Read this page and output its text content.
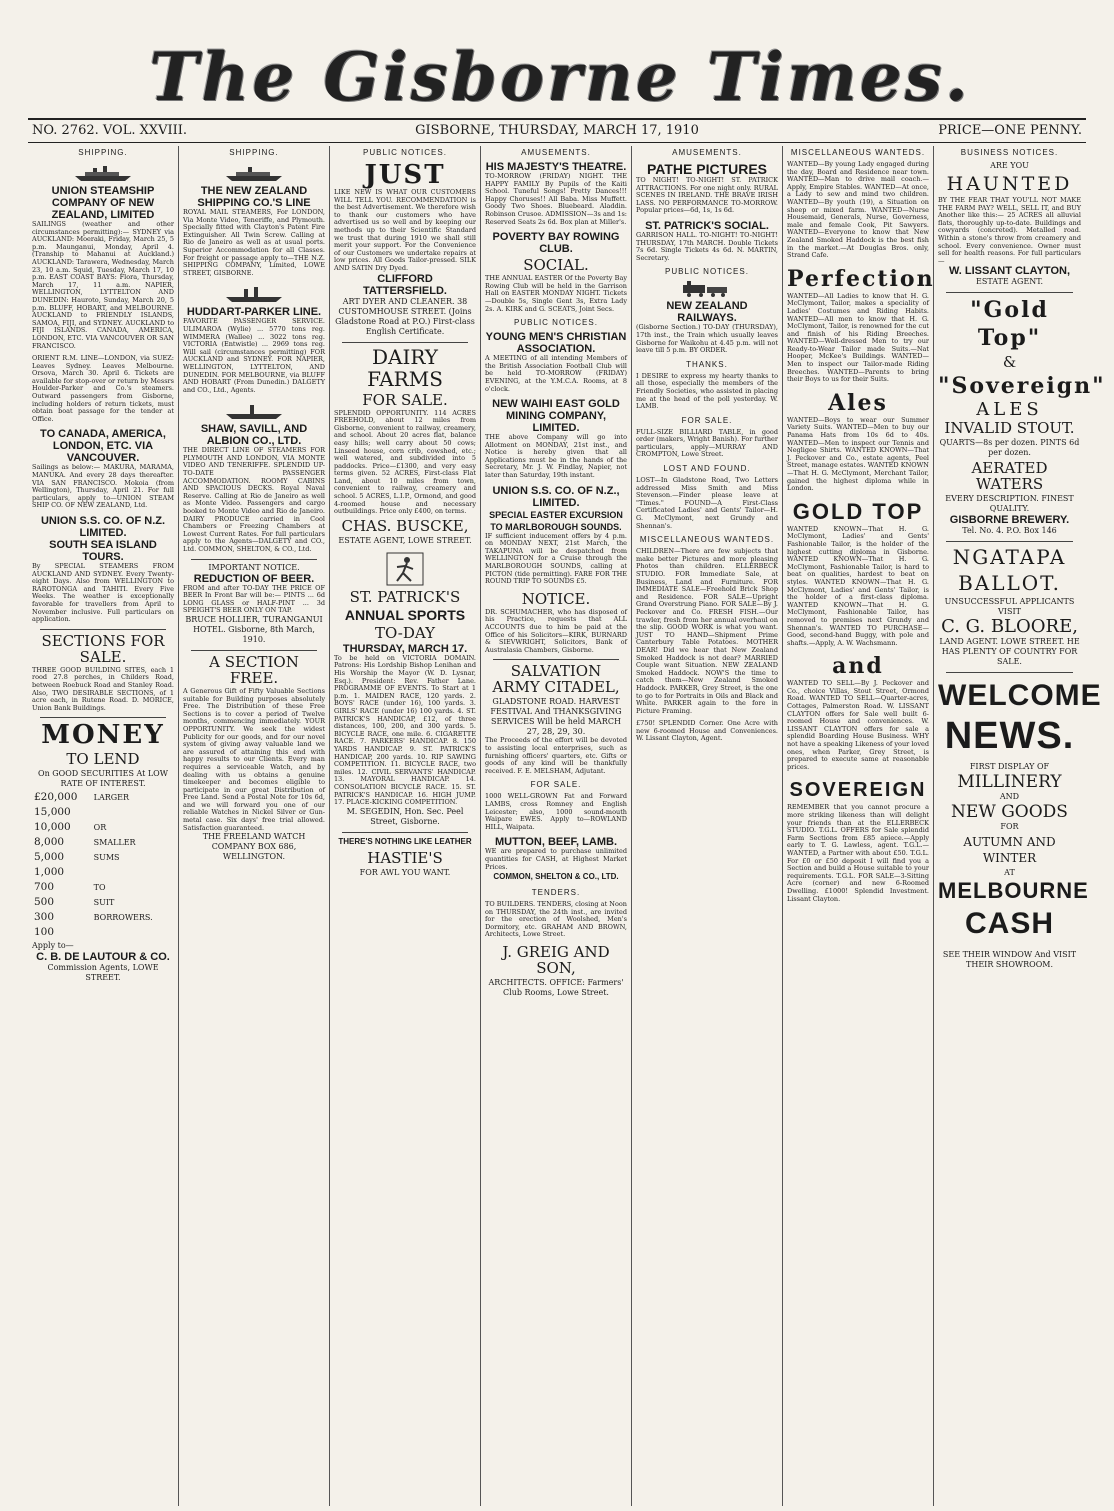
The Gisborne Times.
GISBORNE, THURSDAY, MARCH 17, 1910
NO. 2762. VOL. XXVIII.	PRICE—ONE PENNY.
SHIPPING.
UNION STEAMSHIP COMPANY OF NEW ZEALAND, LIMITED
SAILINGS (weather and other circumstances permitting):— SYDNEY via AUCKLAND: Moeraki, Friday, March 25, 5 p.m. Maunganui, Monday, April 4. (Tranship to Mahanui at Auckland.) AUCKLAND: Tarawera, Wednesday, March 23, 10 a.m. Squid, Tuesday, March 17, 10 p.m. EAST COAST BAYS: Flora, Thursday, March 17, 11 a.m. NAPIER, WELLINGTON, LYTTELTON AND DUNEDIN: Hauroto, Sunday, March 20, 5 p.m. BLUFF, HOBART, and MELBOURNE. AUCKLAND to FRIENDLY ISLANDS, SAMOA, FIJI, and SYDNEY. AUCKLAND to FIJI ISLANDS. CANADA, AMERICA, LONDON, ETC. VIA VANCOUVER OR SAN FRANCISCO.
ORIENT R.M. LINE—LONDON, via SUEZ: Leaves Sydney. Leaves Melbourne. Orsova, March 30. April 6. Tickets are available for stop-over or return by Messrs Houlder-Parker and Co.'s steamers. Outward passengers from Gisborne, including holders of return tickets, must obtain boat passage for the tender at Office.
TO CANADA, AMERICA, LONDON, ETC. VIA VANCOUVER.
Sailings as below:— MAKURA, MARAMA, MANUKA. And every 28 days thereafter. VIA SAN FRANCISCO. Mokoia (from Wellington), Thursday, April 21. For full particulars, apply to—UNION STEAM SHIP CO. OF NEW ZEALAND, Ltd.
UNION S.S. CO. OF N.Z. LIMITED.
SOUTH SEA ISLAND TOURS.
By SPECIAL STEAMERS FROM AUCKLAND AND SYDNEY. Every Twenty-eight Days. Also from WELLINGTON to RAROTONGA and TAHITI. Every Five Weeks. The weather is exceptionally favorable for travellers from April to November inclusive. Full particulars on application.
SECTIONS FOR SALE.
THREE GOOD BUILDING SITES, each 1 rood 27.8 perches, in Childers Road, between Roebuck Road and Stanley Road. Also, TWO DESIRABLE SECTIONS, of 1 acre each, in Rutene Road. D. MORICE, Union Bank Buildings.
MONEY
TO LEND
On GOOD SECURITIES At LOW RATE OF INTEREST.
£20,000	LARGER
15,000	
10,000	OR
8,000	SMALLER
5,000	SUMS
1,000	
700	TO
500	SUIT
300	BORROWERS.
100	
Apply to—
C. B. DE LAUTOUR & CO.
Commission Agents, LOWE STREET.
SHIPPING.
THE NEW ZEALAND SHIPPING CO.'S LINE
ROYAL MAIL STEAMERS, For LONDON, Via Monte Video, Teneriffe, and Plymouth. Specially fitted with Clayton's Patent Fire Extinguisher. All Twin Screw. Calling at Rio de Janeiro as well as at usual ports. Superior Accommodation for all Classes. For freight or passage apply to—THE N.Z. SHIPPING COMPANY, Limited, LOWE STREET, GISBORNE.
HUDDART-PARKER LINE.
FAVORITE PASSENGER SERVICE. ULIMAROA (Wylie) ... 5770 tons reg. WIMMERA (Wallee) ... 3022 tons reg. VICTORIA (Entwistle) ... 2969 tons reg. Will sail (circumstances permitting) FOR AUCKLAND and SYDNEY. FOR NAPIER, WELLINGTON, LYTTELTON, AND DUNEDIN. FOR MELBOURNE, via BLUFF AND HOBART (From Dunedin.) DALGETY and CO., Ltd., Agents.
SHAW, SAVILL, AND ALBION CO., LTD.
THE DIRECT LINE OF STEAMERS FOR PLYMOUTH AND LONDON, VIA MONTE VIDEO AND TENERIFFE. SPLENDID UP-TO-DATE PASSENGER ACCOMMODATION. ROOMY CABINS AND SPACIOUS DECKS. Royal Naval Reserve. Calling at Rio de Janeiro as well as Monte Video. Passengers and cargo booked to Monte Video and Rio de Janeiro. DAIRY PRODUCE carried in Cool Chambers or Freezing Chambers at Lowest Current Rates. For full particulars apply to the Agents—DALGETY and CO., Ltd. COMMON, SHELTON, & CO., Ltd.
IMPORTANT NOTICE.
REDUCTION OF BEER.
FROM and after TO-DAY THE PRICE OF BEER In Front Bar will be:— PINTS ... 6d LONG GLASS or HALF-PINT ... 3d SPEIGHT'S BEER ONLY ON TAP.
BRUCE HOLLIER, TURANGANUI HOTEL. Gisborne, 8th March, 1910.
A SECTION FREE.
A Generous Gift of Fifty Valuable Sections suitable for Building purposes absolutely Free. The Distribution of these Free Sections is to cover a period of Twelve months, commencing immediately. YOUR OPPORTUNITY. We seek the widest Publicity for our goods, and for our novel system of giving away valuable land we are assured of attaining this end with happy results to our Clients. Every man requires a serviceable Watch, and by dealing with us obtains a genuine timekeeper and becomes eligible to participate in our great Distribution of Free Land. Send a Postal Note for 10s 6d, and we will forward you one of our reliable Watches in Nickel Silver or Gun-metal case. Six days' free trial allowed. Satisfaction guaranteed.
THE FREELAND WATCH COMPANY BOX 686, WELLINGTON.
PUBLIC NOTICES.
JUST
LIKE NEW IS WHAT OUR CUSTOMERS WILL TELL YOU. RECOMMENDATION is the best Advertisement. We therefore wish to thank our customers who have advertised us so well and by keeping our methods up to their Scientific Standard we trust that during 1910 we shall still merit your support. For the Convenience of our Customers we undertake repairs at low prices. All Goods Tailor-pressed. SILK AND SATIN Dry Dyed.
CLIFFORD TATTERSFIELD.
ART DYER AND CLEANER. 38 CUSTOMHOUSE STREET. (Joins Gladstone Road at P.O.) First-class English Certificate.
DAIRY FARMS
FOR SALE.
SPLENDID OPPORTUNITY. 114 ACRES FREEHOLD, about 12 miles from Gisborne, convenient to railway, creamery, and school. About 20 acres flat, balance easy hills; well carry about 50 cows; Linseed house, corn crib, cowshed, etc.; well watered, and subdivided into 5 paddocks. Price—£1300, and very easy terms given. 52 ACRES, First-class Flat Land, about 10 miles from town, convenient to railway, creamery and school. 5 ACRES, L.I.P., Ormond, and good 4-roomed house and necessary outbuildings. Price only £400, on terms.
CHAS. BUSCKE,
ESTATE AGENT, LOWE STREET.
ST. PATRICK'S
ANNUAL SPORTS
TO-DAY
THURSDAY, MARCH 17.
To be held on VICTORIA DOMAIN. Patrons: His Lordship Bishop Lenihan and His Worship the Mayor (W. D. Lysnar, Esq.). President: Rev. Father Lane. PROGRAMME OF EVENTS. To Start at 1 p.m. 1. MAIDEN RACE, 120 yards. 2. BOYS' RACE (under 16), 100 yards. 3. GIRLS' RACE (under 16) 100 yards. 4. ST. PATRICK'S HANDICAP, £12, of three distances, 100, 200, and 300 yards. 5. BICYCLE RACE, one mile. 6. CIGARETTE RACE. 7. PARKERS' HANDICAP. 8. 150 YARDS HANDICAP. 9. ST. PATRICK'S HANDICAP, 200 yards. 10. RIP SAWING COMPETITION. 11. BICYCLE RACE, two miles. 12. CIVIL SERVANTS' HANDICAP. 13. MAYORAL HANDICAP. 14. CONSOLATION BICYCLE RACE. 15. ST. PATRICK'S HANDICAP. 16. HIGH JUMP. 17. PLACE-KICKING COMPETITION.
M. SEGEDIN, Hon. Sec. Peel Street, Gisborne.
THERE'S NOTHING LIKE LEATHER
HASTIE'S
FOR AWL YOU WANT.
AMUSEMENTS.
HIS MAJESTY'S THEATRE.
TO-MORROW (FRIDAY) NIGHT. THE HAPPY FAMILY By Pupils of the Kaiti School. Tuneful Songs! Pretty Dances!!! Happy Choruses!! All Baba. Miss Muffett. Goody Two Shoes. Bluebeard. Aladdin. Robinson Crusoe. ADMISSION—3s and 1s: Reserved Seats 2s 6d. Box plan at Miller's.
POVERTY BAY ROWING CLUB.
SOCIAL.
THE ANNUAL EASTER Of the Poverty Bay Rowing Club will be held in the Garrison Hall on EASTER MONDAY NIGHT. Tickets—Double 5s, Single Gent 3s, Extra Lady 2s. A. KIRK and G. SCEATS, Joint Secs.
PUBLIC NOTICES.
YOUNG MEN'S CHRISTIAN ASSOCIATION.
A MEETING of all intending Members of the British Association Football Club will be held TO-MORROW (FRIDAY) EVENING, at the Y.M.C.A. Rooms, at 8 o'clock.
NEW WAIHI EAST GOLD MINING COMPANY, LIMITED.
THE above Company will go into Allotment on MONDAY, 21st inst., and Notice is hereby given that all Applications must be in the hands of the Secretary, Mr. J. W. Findlay, Napier, not later than Saturday, 19th instant.
UNION S.S. CO. OF N.Z., LIMITED.
SPECIAL EASTER EXCURSION TO MARLBOROUGH SOUNDS.
IF sufficient inducement offers by 4 p.m. on MONDAY NEXT, 21st March, the TAKAPUNA will be despatched from WELLINGTON for a Cruise through the MARLBOROUGH SOUNDS, calling at PICTON (tide permitting). FARE FOR THE ROUND TRIP TO SOUNDS £5.
NOTICE.
DR. SCHUMACHER, who has disposed of his Practice, requests that ALL ACCOUNTS due to him be paid at the Office of his Solicitors—KIRK, BURNARD & SIEVWRIGHT, Solicitors, Bank of Australasia Chambers, Gisborne.
SALVATION ARMY CITADEL,
GLADSTONE ROAD. HARVEST FESTIVAL And THANKSGIVING SERVICES Will be held MARCH 27, 28, 29, 30.
The Proceeds of the effort will be devoted to assisting local enterprises, such as furnishing officers' quarters, etc. Gifts or goods of any kind will be thankfully received. F. E. MELSHAM, Adjutant.
FOR SALE.
1000 WELL-GROWN Fat and Forward LAMBS, cross Romney and English Leicester; also, 1000 sound-mouth Waipare EWES. Apply to—ROWLAND HILL, Waipata.
MUTTON, BEEF, LAMB.
WE are prepared to purchase unlimited quantities for CASH, at Highest Market Prices.
COMMON, SHELTON & CO., LTD.
TENDERS.
TO BUILDERS. TENDERS, closing at Noon on THURSDAY, the 24th inst., are invited for the erection of Woolshed, Men's Dormitory, etc. GRAHAM AND BROWN, Architects, Lowe Street.
J. GREIG AND SON,
ARCHITECTS. OFFICE: Farmers' Club Rooms, Lowe Street.
AMUSEMENTS.
PATHE PICTURES
TO NIGHT! TO-NIGHT! ST. PATRICK ATTRACTIONS. For one night only. RURAL SCENES IN IRELAND. THE BRAVE IRISH LASS. NO PERFORMANCE TO-MORROW. Popular prices—6d, 1s, 1s 6d.
ST. PATRICK'S SOCIAL.
GARRISON HALL. TO-NIGHT! TO-NIGHT! THURSDAY, 17th MARCH. Double Tickets 7s 6d. Single Tickets 4s 6d. N. MARTIN, Secretary.
PUBLIC NOTICES.
NEW ZEALAND RAILWAYS.
(Gisborne Section.) TO-DAY (THURSDAY), 17th inst., the Train which usually leaves Gisborne for Waikohu at 4.45 p.m. will not leave till 5 p.m. BY ORDER.
THANKS.
I DESIRE to express my hearty thanks to all those, especially the members of the Friendly Societies, who assisted in placing me at the head of the poll yesterday. W. LAMB.
FOR SALE.
FULL-SIZE BILLIARD TABLE, in good order (makers, Wright Banish). For further particulars, apply—MURRAY AND CROMPTON, Lowe Street.
LOST AND FOUND.
LOST—In Gladstone Road, Two Letters addressed Miss Smith and Miss Stevenson.—Finder please leave at "Times." FOUND—A First-Class Certificated Ladies' and Gents' Tailor—H. G. McClymont, next Grundy and Shennan's.
MISCELLANEOUS WANTEDS.
CHILDREN—There are few subjects that make better Pictures and more pleasing Photos than children. ELLERBECK STUDIO. FOR Immediate Sale, at Business, Land and Furniture. FOR IMMEDIATE SALE—Freehold Brick Shop and Residence. FOR SALE—Upright Grand Overstrung Piano. FOR SALE—By J. Peckover and Co. FRESH FISH.—Our trawler, fresh from her annual overhaul on the slip. GOOD WORK is what you want. JUST TO HAND—Shipment Prime Canterbury Table Potatoes. MOTHER DEAR! Did we hear that New Zealand Smoked Haddock is not dear? MARRIED Couple want Situation. NEW ZEALAND Smoked Haddock. NOW'S the time to catch them—New Zealand Smoked Haddock. PARKER, Grey Street, is the one to go to for Portraits in Oils and Black and White. PARKER again to the fore in Picture Framing.
£750! SPLENDID Corner. One Acre with new 6-roomed House and Conveniences. W. Lissant Clayton, Agent.
MISCELLANEOUS WANTEDS.
WANTED—By young Lady engaged during the day, Board and Residence near town. WANTED—Man to drive mail coach.—Apply, Empire Stables. WANTED—At once, a Lady to sew and mind two children. WANTED—By youth (19), a Situation on sheep or mixed farm. WANTED—Nurse Housemaid, Generals, Nurse, Governess, male and female Cook, Pit Sawyers. WANTED—Everyone to know that New Zealand Smoked Haddock is the best fish in the market.—At Douglas Bros. only, Strand Cafe.
Perfection
WANTED—All Ladies to know that H. G. McClymont, Tailor, makes a speciality of Ladies' Costumes and Riding Habits. WANTED—All men to know that H. G. McClymont, Tailor, is renowned for the cut and finish of his Riding Breeches. WANTED—Well-dressed Men to try our Ready-to-Wear Tailor made Suits.—Nat Hooper, McKee's Buildings. WANTED—Men to inspect our Tailor-made Riding Breeches. WANTED—Parents to bring their Boys to us for their Suits.
Ales
WANTED—Boys to wear our Summer Variety Suits. WANTED—Men to buy our Panama Hats from 10s 6d to 40s. WANTED—Men to inspect our Tennis and Negligee Shirts. WANTED KNOWN—That J. Peckover and Co., estate agents, Peel Street, manage estates. WANTED KNOWN—That H. G. McClymont, Merchant Tailor, gained the highest diploma while in London.
GOLD TOP
WANTED KNOWN—That H. G. McClymont, Ladies' and Gents' Fashionable Tailor, is the holder of the highest cutting diploma in Gisborne. WANTED KNOWN—That H. G. McClymont, Fashionable Tailor, is hard to beat on qualities, hardest to beat on styles. WANTED KNOWN—That H. G. McClymont, Ladies' and Gents' Tailor, is the holder of a first-class diploma. WANTED KNOWN—That H. G. McClymont, Fashionable Tailor, has removed to premises next Grundy and Shennan's. WANTED TO PURCHASE—Good, second-hand Buggy, with pole and shafts.—Apply, A. W. Wachsmann.
and
WANTED TO SELL—By J. Peckover and Co., choice Villas, Stout Street, Ormond Road. WANTED TO SELL—Quarter-acres, Cottages, Palmerston Road. W. LISSANT CLAYTON offers for Sale well built 6-roomed House and conveniences. W. LISSANT CLAYTON offers for sale a splendid Boarding House Business. WHY not have a speaking Likeness of your loved ones, when Parker, Grey Street, is prepared to execute same at reasonable prices.
SOVEREIGN
REMEMBER that you cannot procure a more striking likeness than will delight your friends than at the ELLERBECK STUDIO. T.G.L. OFFERS for Sale splendid Farm Sections from £85 apiece.—Apply early to T. G. Lawless, agent. T.G.L.—WANTED, a Partner with about £50. T.G.L. For £0 or £50 deposit I will find you a Section and build a House suitable to your requirements. T.G.L. FOR SALE—3-Sitting Acre (corner) and new 6-Roomed Dwelling. £1000! Splendid Investment. Lissant Clayton.
BUSINESS NOTICES.
ARE YOU
HAUNTED
BY THE FEAR THAT YOU'LL NOT MAKE THE FARM PAY? WELL, SELL IT, and BUY Another like this:— 25 ACRES all alluvial flats, thoroughly up-to-date. Buildings and cowyards (concreted). Metalled road. Within a stone's throw from creamery and school. Every convenience. Owner must sell for health reasons. For full particulars—
W. LISSANT CLAYTON,
ESTATE AGENT.
"Gold Top"
&
"Sovereign"
ALES
INVALID STOUT.
QUARTS—8s per dozen. PINTS 6d per dozen.
AERATED WATERS
EVERY DESCRIPTION. FINEST QUALITY.
GISBORNE BREWERY.
Tel. No. 4. P.O. Box 146
NGATAPA
BALLOT.
UNSUCCESSFUL APPLICANTS VISIT
C. G. BLOORE,
LAND AGENT. LOWE STREET. HE HAS PLENTY OF COUNTRY FOR SALE.
WELCOME
NEWS.
FIRST DISPLAY OF
MILLINERY
AND
NEW GOODS
FOR
AUTUMN AND WINTER
AT
MELBOURNE
CASH
SEE THEIR WINDOW And VISIT THEIR SHOWROOM.
